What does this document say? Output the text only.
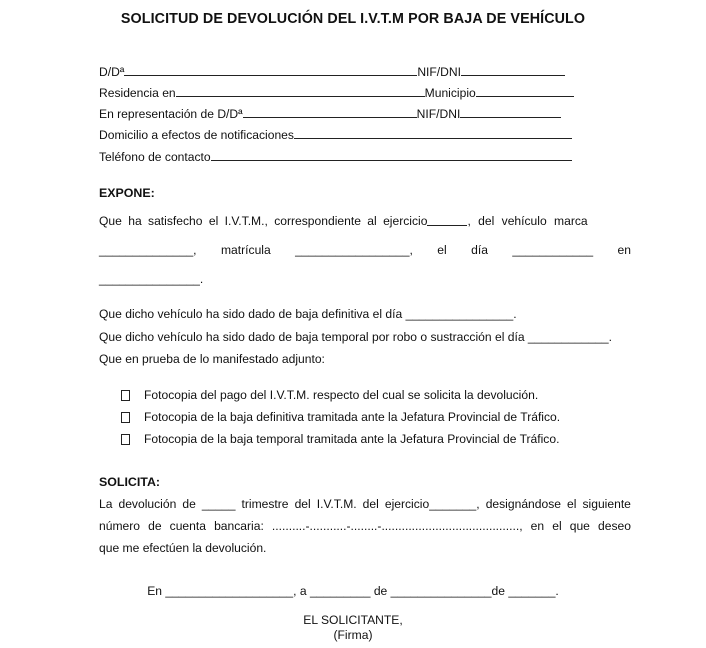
SOLICITUD DE DEVOLUCIÓN DEL I.V.T.M POR BAJA DE VEHÍCULO
D/Dª	NIF/DNI
Residencia en	Municipio
En representación de D/Dª	NIF/DNI
Domicilio a efectos de notificaciones
Teléfono de contacto
EXPONE:
Que ha satisfecho el I.V.T.M., correspondiente al ejercicio	, del vehículo marca
______________, matrícula _________________, el día ____________ en
_______________.
Que dicho vehículo ha sido dado de baja definitiva el día ________________.
Que dicho vehículo ha sido dado de baja temporal por robo o sustracción el día ____________.
Que en prueba de lo manifestado adjunto:
Fotocopia del pago del I.V.T.M. respecto del cual se solicita la devolución.
Fotocopia de la baja definitiva tramitada ante la Jefatura Provincial de Tráfico.
Fotocopia de la baja temporal tramitada ante la Jefatura Provincial de Tráfico.
SOLICITA:
La devolución de _____ trimestre del I.V.T.M. del ejercicio_______, designándose el siguiente
número de cuenta bancaria: ..........-...........-........-........................................., en el que deseo
que me efectúen la devolución.
En ___________________, a _________ de _______________de _______.
EL SOLICITANTE,
(Firma)
